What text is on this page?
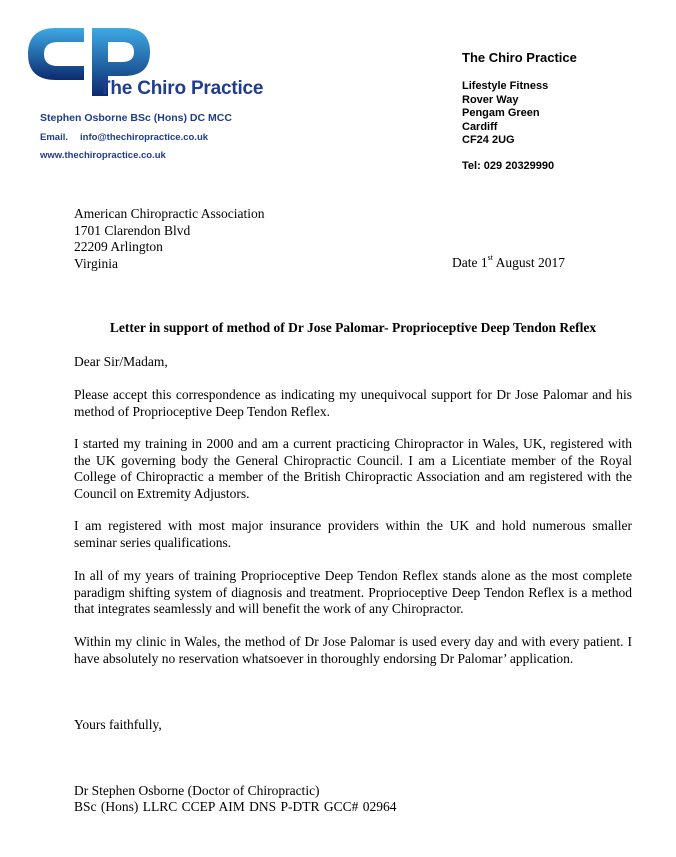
The Chiro Practice
Stephen Osborne BSc (Hons) DC MCC
Email. info@thechiropractice.co.uk
www.thechiropractice.co.uk
The Chiro Practice
Lifestyle Fitness
Rover Way
Pengam Green
Cardiff
CF24 2UG
Tel: 029 20329990
American Chiropractic Association
1701 Clarendon Blvd
22209 Arlington
Virginia	Date 1st August 2017
Letter in support of method of Dr Jose Palomar- Proprioceptive Deep Tendon Reflex
Dear Sir/Madam,
Please accept this correspondence as indicating my unequivocal support for Dr Jose Palomar and his method of Proprioceptive Deep Tendon Reflex.
I started my training in 2000 and am a current practicing Chiropractor in Wales, UK, registered with the UK governing body the General Chiropractic Council. I am a Licentiate member of the Royal College of Chiropractic a member of the British Chiropractic Association and am registered with the Council on Extremity Adjustors.
I am registered with most major insurance providers within the UK and hold numerous smaller seminar series qualifications.
In all of my years of training Proprioceptive Deep Tendon Reflex stands alone as the most complete paradigm shifting system of diagnosis and treatment. Proprioceptive Deep Tendon Reflex is a method that integrates seamlessly and will benefit the work of any Chiropractor.
Within my clinic in Wales, the method of Dr Jose Palomar is used every day and with every patient. I have absolutely no reservation whatsoever in thoroughly endorsing Dr Palomar’ application.
Yours faithfully,
Dr Stephen Osborne (Doctor of Chiropractic)
BSc (Hons) LLRC CCEP AIM DNS P-DTR GCC# 02964
